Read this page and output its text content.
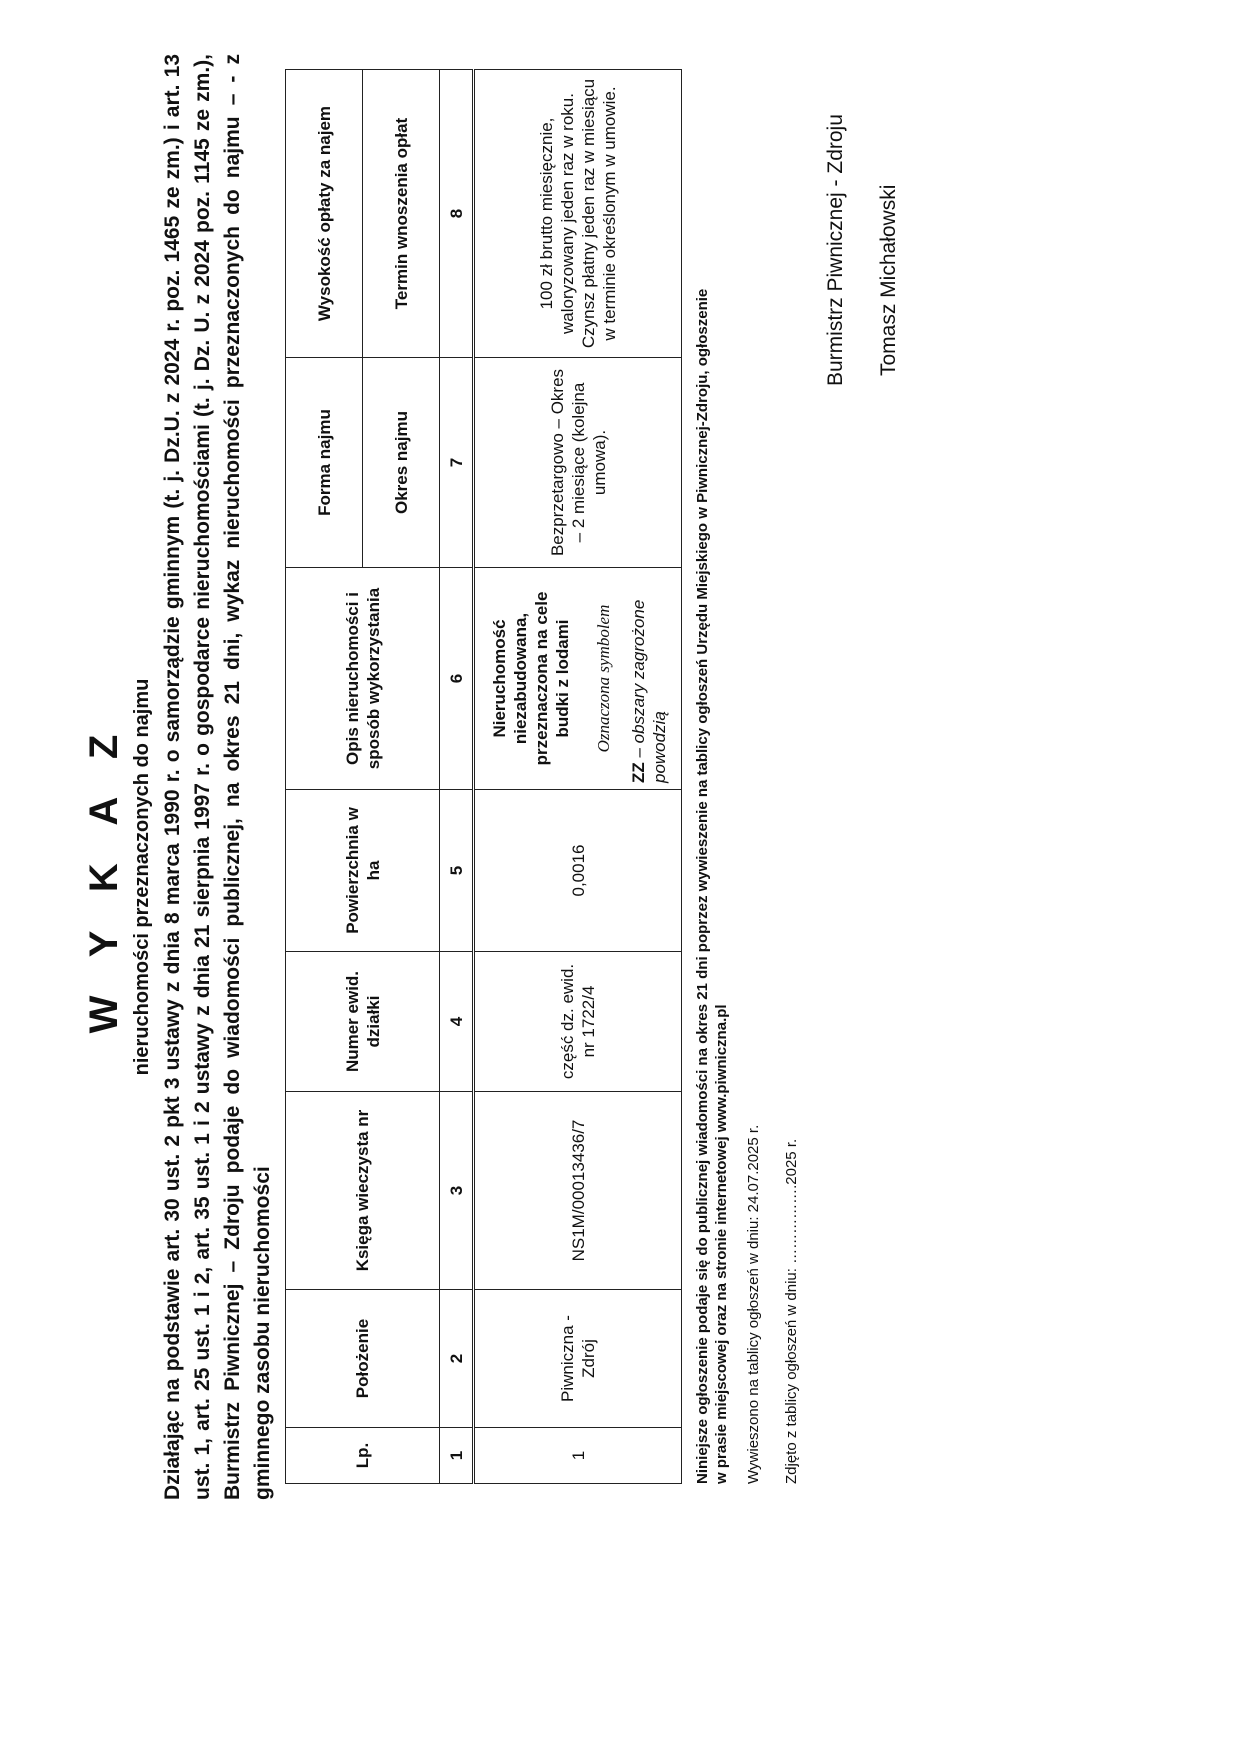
W Y K A Z nieruchomości przeznaczonych do najmu Działając na podstawie art. 30 ust. 2 pkt 3 ustawy z dnia 8 marca 1990 r. o samorządzie gminnym (t. j. Dz.U. z 2024 r. poz. 1465 ze zm.) i art. 13 ust. 1, art. 25 ust. 1 i 2, art. 35 ust. 1 i 2 ustawy z dnia 21 sierpnia 1997 r. o gospodarce nieruchomościami (t. j. Dz. U. z 2024 poz. 1145 ze zm.), Burmistrz Piwnicznej – Zdroju podaje do wiadomości publicznej, na okres 21 dni, wykaz nieruchomości przeznaczonych do najmu – - z gminnego zasobu nieruchomości	Lp.	Położenie	Księga wieczysta nr	Numer ewid. działki	Powierzchnia w ha	Opis nieruchomości i sposób wykorzystania	Forma najmu	Wysokość opłaty za najem
						Okres najmu	Termin wnoszenia opłat
1	2	3	4	5	6	7	8
1	Piwniczna - Zdrój	NS1M/00013436/7	część dz. ewid. nr 1722/4	0,0016	Nieruchomość niezabudowana, przeznaczona na cele budki z lodami Oznaczona symbolem
ZZ – obszary zagrożone powodzią	Bezprzetargowo – Okres – 2 miesiące (kolejna umowa).	100 zł brutto miesięcznie, waloryzowany jeden raz w roku. Czynsz płatny jeden raz w miesiącu w terminie określonym w umowie.

Niniejsze ogłoszenie podaje się do publicznej wiadomości na okres 21 dni poprzez wywieszenie na tablicy ogłoszeń Urzędu Miejskiego w Piwnicznej-Zdroju, ogłoszenie w prasie miejscowej oraz na stronie internetowej www.piwniczna.pl Wywieszono na tablicy ogłoszeń w dniu: 24.07.2025 r. Zdjęto z tablicy ogłoszeń w dniu: …………….2025 r.
Burmistrz Piwnicznej - Zdroju Tomasz Michałowski
